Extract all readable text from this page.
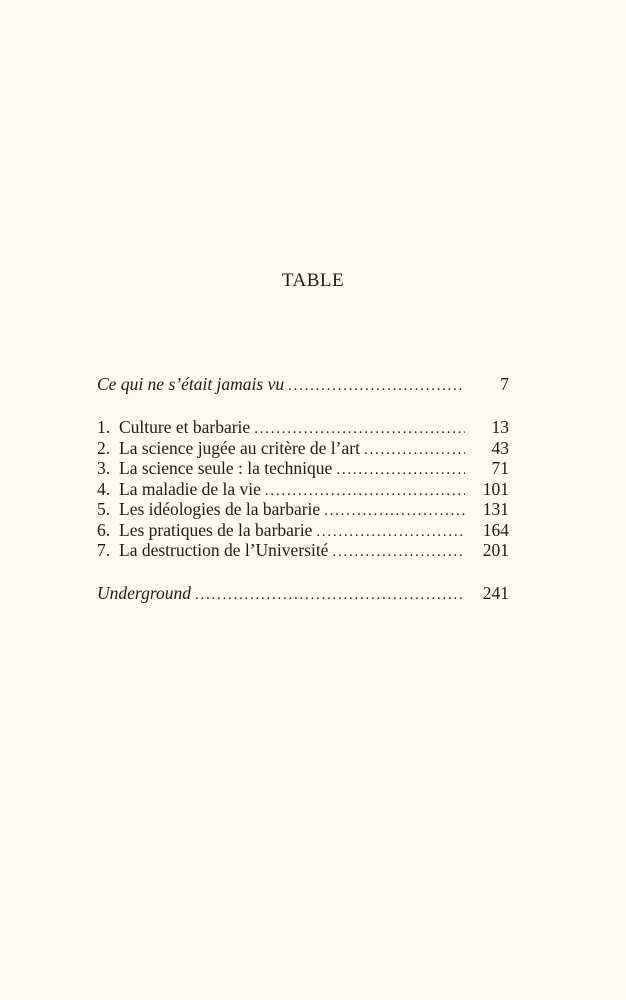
TABLE
Ce qui ne s’était jamais vu . . .	7
1. Culture et barbarie . . .	13
2. La science jugée au critère de l’art . . .	43
3. La science seule : la technique . . .	71
4. La maladie de la vie . . .	101
5. Les idéologies de la barbarie . . .	131
6. Les pratiques de la barbarie . . .	164
7. La destruction de l’Université . . .	201
Underground . . .	241
